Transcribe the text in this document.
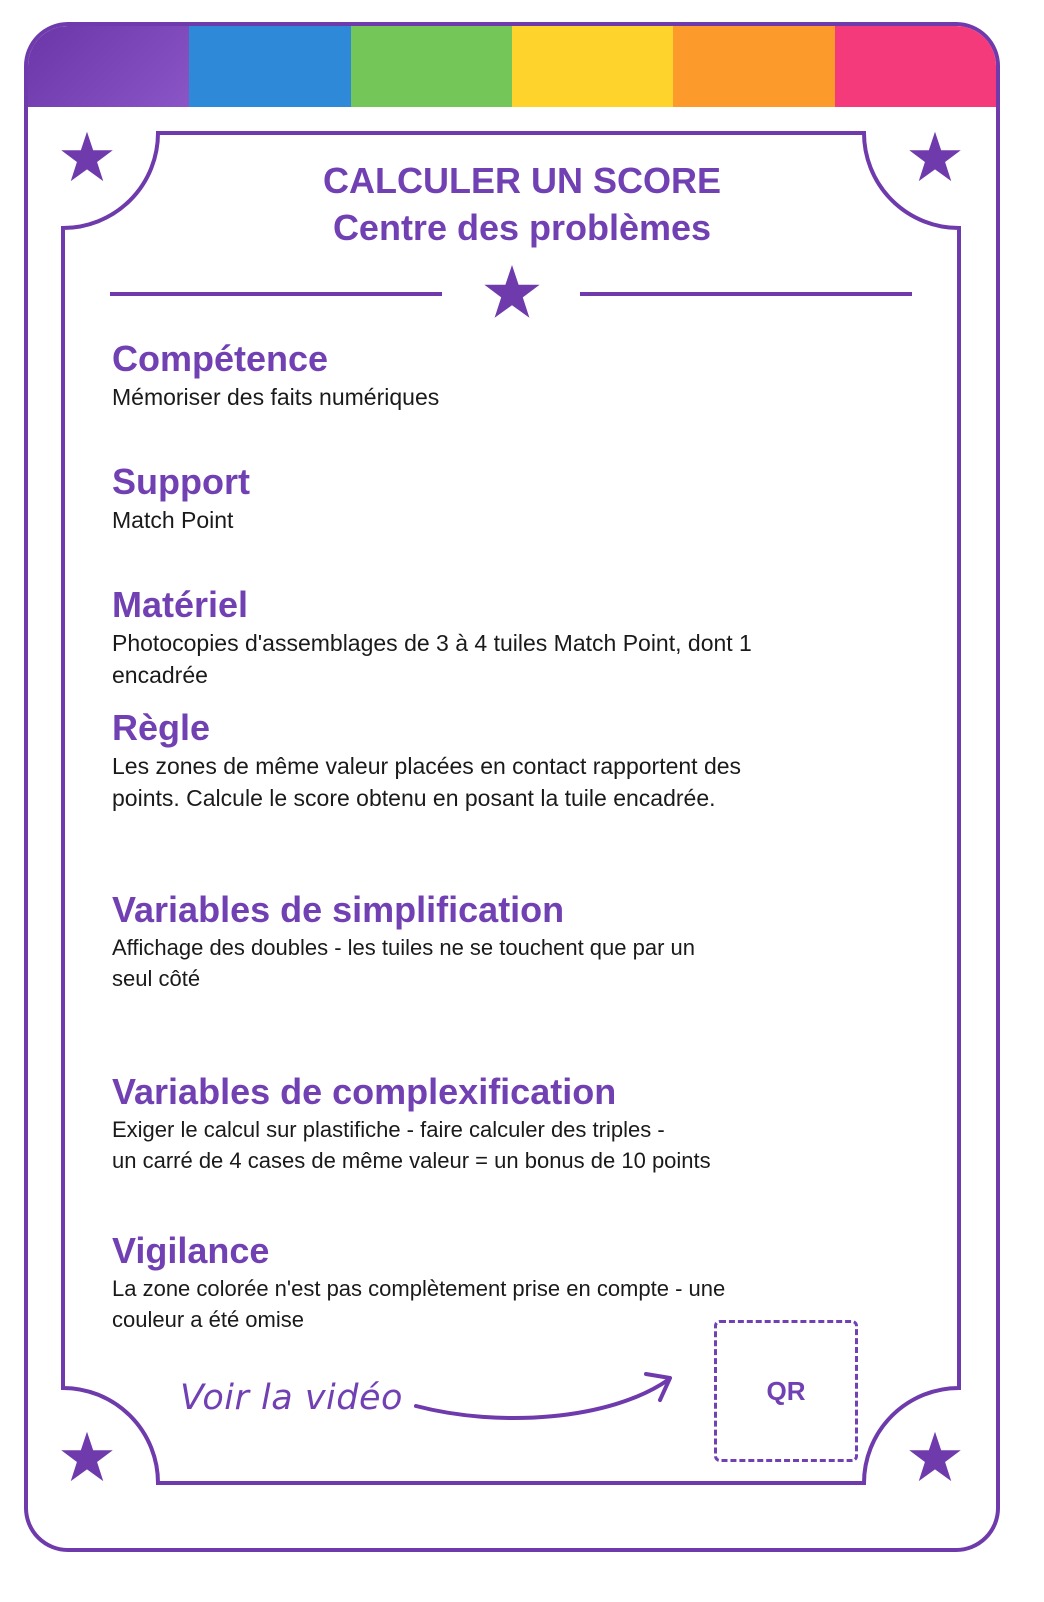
CALCULER UN SCORE
Centre des problèmes
Compétence

Mémoriser des faits numériques

Support

Match Point

Matériel

Photocopies d'assemblages de 3 à 4 tuiles Match Point, dont 1

encadrée

Règle

Les zones de même valeur placées en contact rapportent des

points. Calcule le score obtenu en posant la tuile encadrée.

Variables de simplification

Affichage des doubles - les tuiles ne se touchent que par un

seul côté

Variables de complexification

Exiger le calcul sur plastifiche - faire calculer des triples -

un carré de 4 cases de même valeur = un bonus de 10 points

Vigilance

La zone colorée n'est pas complètement prise en compte - une

couleur a été omise

Voir la vidéo	QR
